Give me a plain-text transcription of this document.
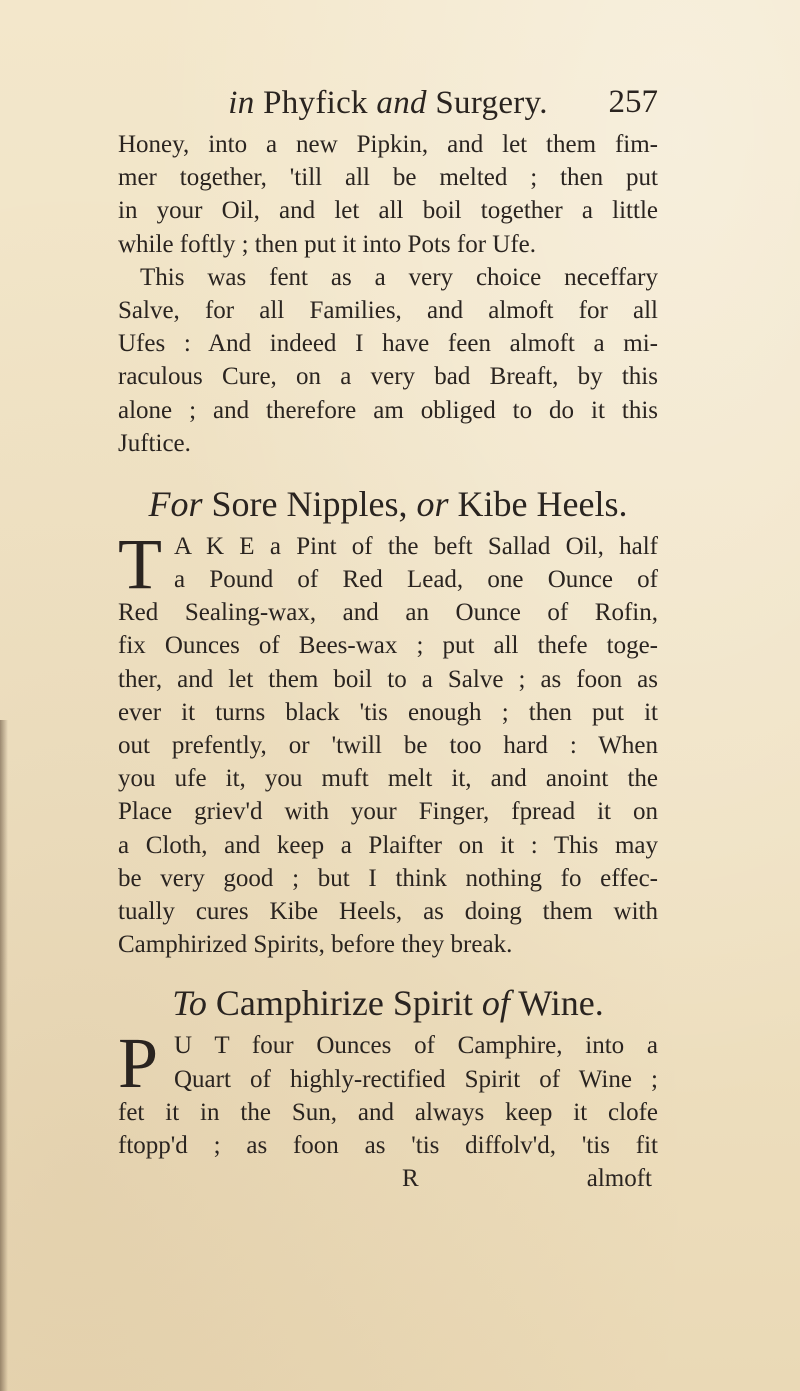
in Phyfick and Surgery. 257
Honey, into a new Pipkin, and let them fim-
mer together, 'till all be melted ; then put
in your Oil, and let all boil together a little
while foftly ; then put it into Pots for Ufe.
This was fent as a very choice neceffary
Salve, for all Families, and almoft for all
Ufes : And indeed I have feen almoft a mi-
raculous Cure, on a very bad Breaft, by this
alone ; and therefore am obliged to do it this
Juftice.
For Sore Nipples, or Kibe Heels.
T A K E a Pint of the beft Sallad Oil, half
a Pound of Red Lead, one Ounce of
Red Sealing-wax, and an Ounce of Rofin,
fix Ounces of Bees-wax ; put all thefe toge-
ther, and let them boil to a Salve ; as foon as
ever it turns black 'tis enough ; then put it
out prefently, or 'twill be too hard : When
you ufe it, you muft melt it, and anoint the
Place griev'd with your Finger, fpread it on
a Cloth, and keep a Plaifter on it : This may
be very good ; but I think nothing fo effec-
tually cures Kibe Heels, as doing them with
Camphirized Spirits, before they break.
To Camphirize Spirit of Wine.
P U T four Ounces of Camphire, into a
Quart of highly-rectified Spirit of Wine ;
fet it in the Sun, and always keep it clofe
ftopp'd ; as foon as 'tis diffolv'd, 'tis fit
R	almoft
